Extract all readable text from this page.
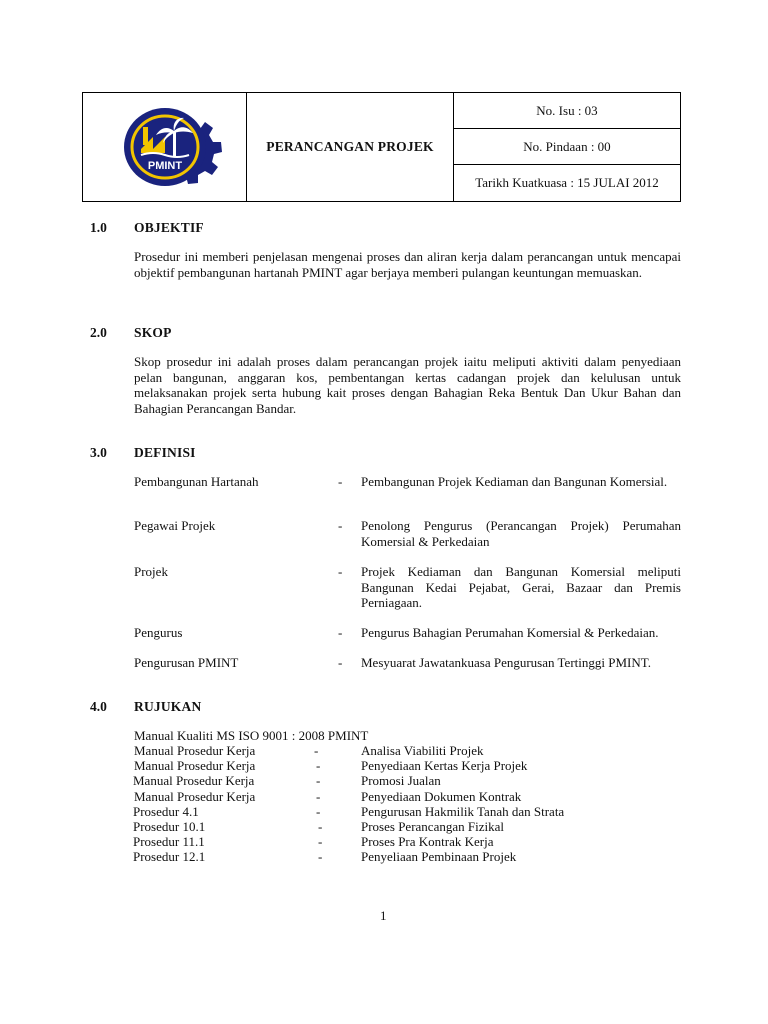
PMINT
PERANCANGAN PROJEK
No. Isu : 03
No. Pindaan : 00
Tarikh Kuatkuasa : 15 JULAI 2012
1.0 OBJEKTIF
Prosedur ini memberi penjelasan mengenai proses dan aliran kerja dalam perancangan untuk mencapai objektif pembangunan hartanah PMINT agar berjaya memberi pulangan keuntungan memuaskan.
2.0 SKOP
Skop prosedur ini adalah proses dalam perancangan projek iaitu meliputi aktiviti dalam penyediaan pelan bangunan, anggaran kos, pembentangan kertas cadangan projek dan kelulusan untuk melaksanakan projek serta hubung kait proses dengan Bahagian Reka Bentuk Dan Ukur Bahan dan Bahagian Perancangan Bandar.
3.0 DEFINISI
Pembangunan Hartanah	- Pembangunan Projek Kediaman dan Bangunan Komersial.
Pegawai Projek	- Penolong Pengurus (Perancangan Projek) Perumahan Komersial & Perkedaian
Projek	- Projek Kediaman dan Bangunan Komersial meliputi Bangunan Kedai Pejabat, Gerai, Bazaar dan Premis Perniagaan.
Pengurus	- Pengurus Bahagian Perumahan Komersial & Perkedaian.
Pengurusan PMINT	- Mesyuarat Jawatankuasa Pengurusan Tertinggi PMINT.
4.0 RUJUKAN
Manual Kualiti MS ISO 9001 : 2008 PMINT
Manual Prosedur Kerja	-	Analisa Viabiliti Projek
Manual Prosedur Kerja	-	Penyediaan Kertas Kerja Projek
Manual Prosedur Kerja	-	Promosi Jualan
Manual Prosedur Kerja	-	Penyediaan Dokumen Kontrak
Prosedur 4.1	-	Pengurusan Hakmilik Tanah dan Strata
Prosedur 10.1	-	Proses Perancangan Fizikal
Prosedur 11.1	-	Proses Pra Kontrak Kerja
Prosedur 12.1	-	Penyeliaan Pembinaan Projek
1
